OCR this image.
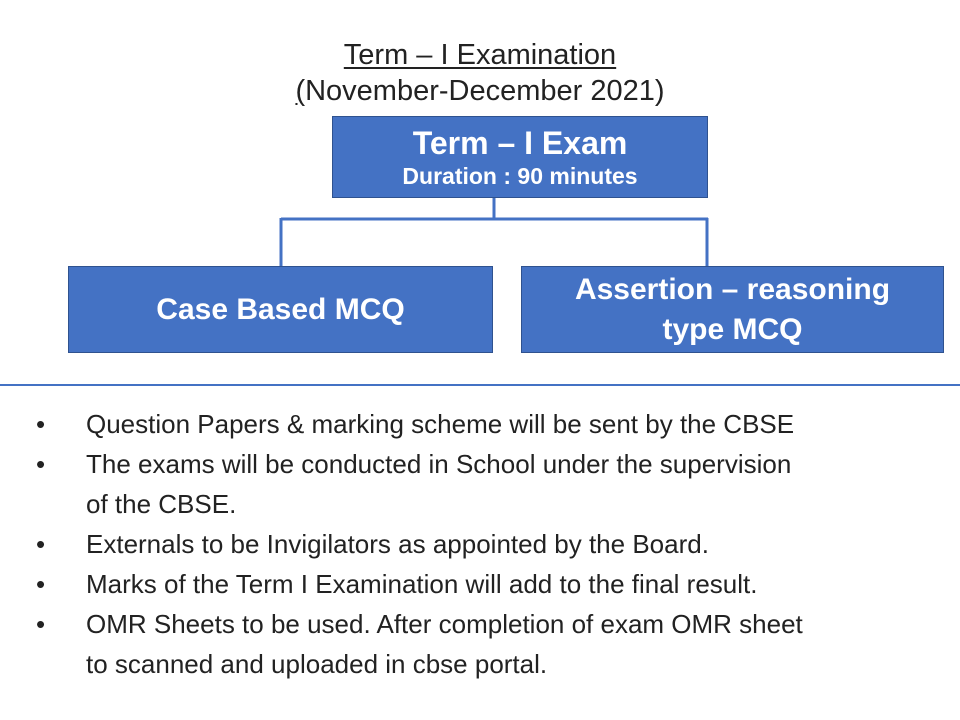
Term – I Examination
(November-December 2021)
Term – I Exam
Duration : 90 minutes
Case Based MCQ
Assertion – reasoning
type MCQ
• Question Papers & marking scheme will be sent by the CBSE
• The exams will be conducted in School under the supervision
of the CBSE.
• Externals to be Invigilators as appointed by the Board.
• Marks of the Term I Examination will add to the final result.
• OMR Sheets to be used. After completion of exam OMR sheet
to scanned and uploaded in cbse portal.
